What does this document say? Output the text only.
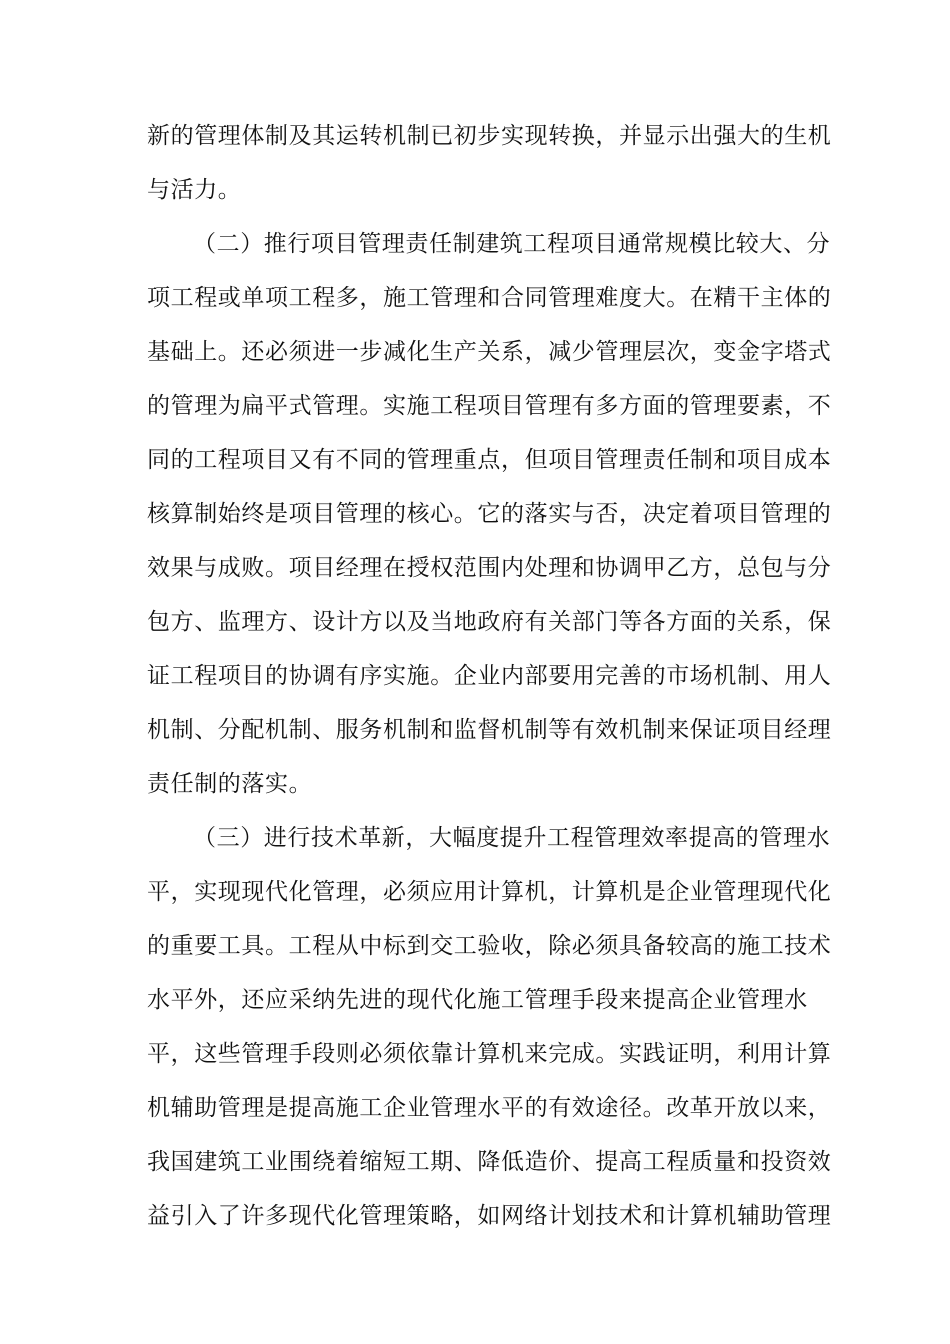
新的管理体制及其运转机制已初步实现转换，并显示出强大的生机
与活力。
（二）推行项目管理责任制建筑工程项目通常规模比较大、分
项工程或单项工程多，施工管理和合同管理难度大。在精干主体的
基础上。还必须进一步减化生产关系，减少管理层次，变金字塔式
的管理为扁平式管理。实施工程项目管理有多方面的管理要素，不
同的工程项目又有不同的管理重点，但项目管理责任制和项目成本
核算制始终是项目管理的核心。它的落实与否，决定着项目管理的
效果与成败。项目经理在授权范围内处理和协调甲乙方，总包与分
包方、监理方、设计方以及当地政府有关部门等各方面的关系，保
证工程项目的协调有序实施。企业内部要用完善的市场机制、用人
机制、分配机制、服务机制和监督机制等有效机制来保证项目经理
责任制的落实。
（三）进行技术革新，大幅度提升工程管理效率提高的管理水
平，实现现代化管理，必须应用计算机，计算机是企业管理现代化
的重要工具。工程从中标到交工验收，除必须具备较高的施工技术
水平外，还应采纳先进的现代化施工管理手段来提高企业管理水
平，这些管理手段则必须依靠计算机来完成。实践证明，利用计算
机辅助管理是提高施工企业管理水平的有效途径。改革开放以来，
我国建筑工业围绕着缩短工期、降低造价、提高工程质量和投资效
益引入了许多现代化管理策略，如网络计划技术和计算机辅助管理
